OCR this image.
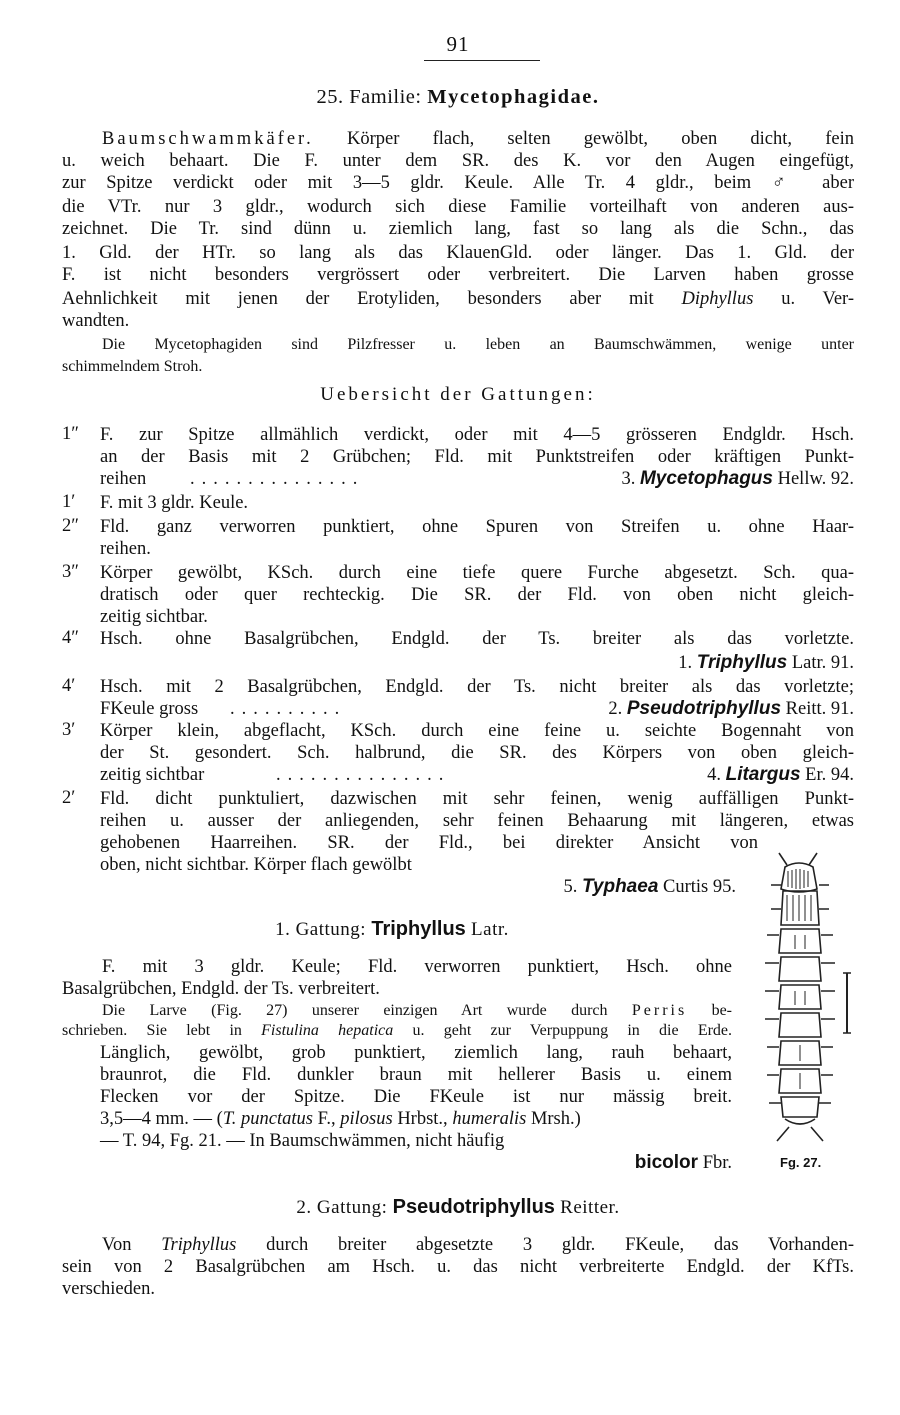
91
25. Familie: Mycetophagidae.
Baumschwammkäfer. Körper flach, selten gewölbt, oben dicht, fein
u. weich behaart. Die F. unter dem SR. des K. vor den Augen eingefügt,
zur Spitze verdickt oder mit 3—5 gldr. Keule. Alle Tr. 4 gldr., beim ♂ aber
die VTr. nur 3 gldr., wodurch sich diese Familie vorteilhaft von anderen aus-
zeichnet. Die Tr. sind dünn u. ziemlich lang, fast so lang als die Schn., das
1. Gld. der HTr. so lang als das KlauenGld. oder länger. Das 1. Gld. der
F. ist nicht besonders vergrössert oder verbreitert. Die Larven haben grosse
Aehnlichkeit mit jenen der Erotyliden, besonders aber mit Diphyllus u. Ver-
wandten.
Die Mycetophagiden sind Pilzfresser u. leben an Baumschwämmen, wenige unter
schimmelndem Stroh.
Uebersicht der Gattungen:
1″ F. zur Spitze allmählich verdickt, oder mit 4—5 grösseren Endgldr. Hsch.
an der Basis mit 2 Grübchen; Fld. mit Punktstreifen oder kräftigen Punkt-
reihen ...............	3. Mycetophagus Hellw. 92.
1′ F. mit 3 gldr. Keule.
2″ Fld. ganz verworren punktiert, ohne Spuren von Streifen u. ohne Haar-
reihen.
3″ Körper gewölbt, KSch. durch eine tiefe quere Furche abgesetzt. Sch. qua-
dratisch oder quer rechteckig. Die SR. der Fld. von oben nicht gleich-
zeitig sichtbar.
4″ Hsch. ohne Basalgrübchen, Endgld. der Ts. breiter als das vorletzte.
1. Triphyllus Latr. 91.
4′ Hsch. mit 2 Basalgrübchen, Endgld. der Ts. nicht breiter als das vorletzte;
FKeule gross ..........	2. Pseudotriphyllus Reitt. 91.
3′ Körper klein, abgeflacht, KSch. durch eine feine u. seichte Bogennaht von
der St. gesondert. Sch. halbrund, die SR. des Körpers von oben gleich-
zeitig sichtbar	...............	4. Litargus Er. 94.
2′ Fld. dicht punktuliert, dazwischen mit sehr feinen, wenig auffälligen Punkt-
reihen u. ausser der anliegenden, sehr feinen Behaarung mit längeren, etwas
gehobenen Haarreihen. SR. der Fld., bei direkter Ansicht von
oben, nicht sichtbar. Körper flach gewölbt
5. Typhaea Curtis 95.
1. Gattung: Triphyllus Latr.
F. mit 3 gldr. Keule; Fld. verworren punktiert, Hsch. ohne
Basalgrübchen, Endgld. der Ts. verbreitert.
Die Larve (Fig. 27) unserer einzigen Art wurde durch Perris be-
schrieben. Sie lebt in Fistulina hepatica u. geht zur Verpuppung in die Erde.
Länglich, gewölbt, grob punktiert, ziemlich lang, rauh behaart,
braunrot, die Fld. dunkler braun mit hellerer Basis u. einem
Flecken vor der Spitze. Die FKeule ist nur mässig breit.
3,5—4 mm. — (T. punctatus F., pilosus Hrbst., humeralis Mrsh.)
— T. 94, Fg. 21. — In Baumschwämmen, nicht häufig
bicolor Fbr.	Fg. 27.
2. Gattung: Pseudotriphyllus Reitter.
Von Triphyllus durch breiter abgesetzte 3 gldr. FKeule, das Vorhanden-
sein von 2 Basalgrübchen am Hsch. u. das nicht verbreiterte Endgld. der KfTs.
verschieden.
